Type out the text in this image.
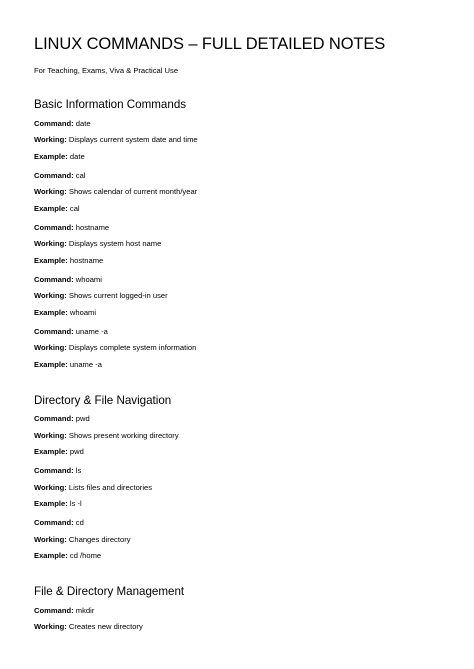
LINUX COMMANDS – FULL DETAILED NOTES
For Teaching, Exams, Viva & Practical Use
Basic Information Commands
Command: date
Working: Displays current system date and time
Example: date
Command: cal
Working: Shows calendar of current month/year
Example: cal
Command: hostname
Working: Displays system host name
Example: hostname
Command: whoami
Working: Shows current logged-in user
Example: whoami
Command: uname -a
Working: Displays complete system information
Example: uname -a
Directory & File Navigation
Command: pwd
Working: Shows present working directory
Example: pwd
Command: ls
Working: Lists files and directories
Example: ls -l
Command: cd
Working: Changes directory
Example: cd /home
File & Directory Management
Command: mkdir
Working: Creates new directory
